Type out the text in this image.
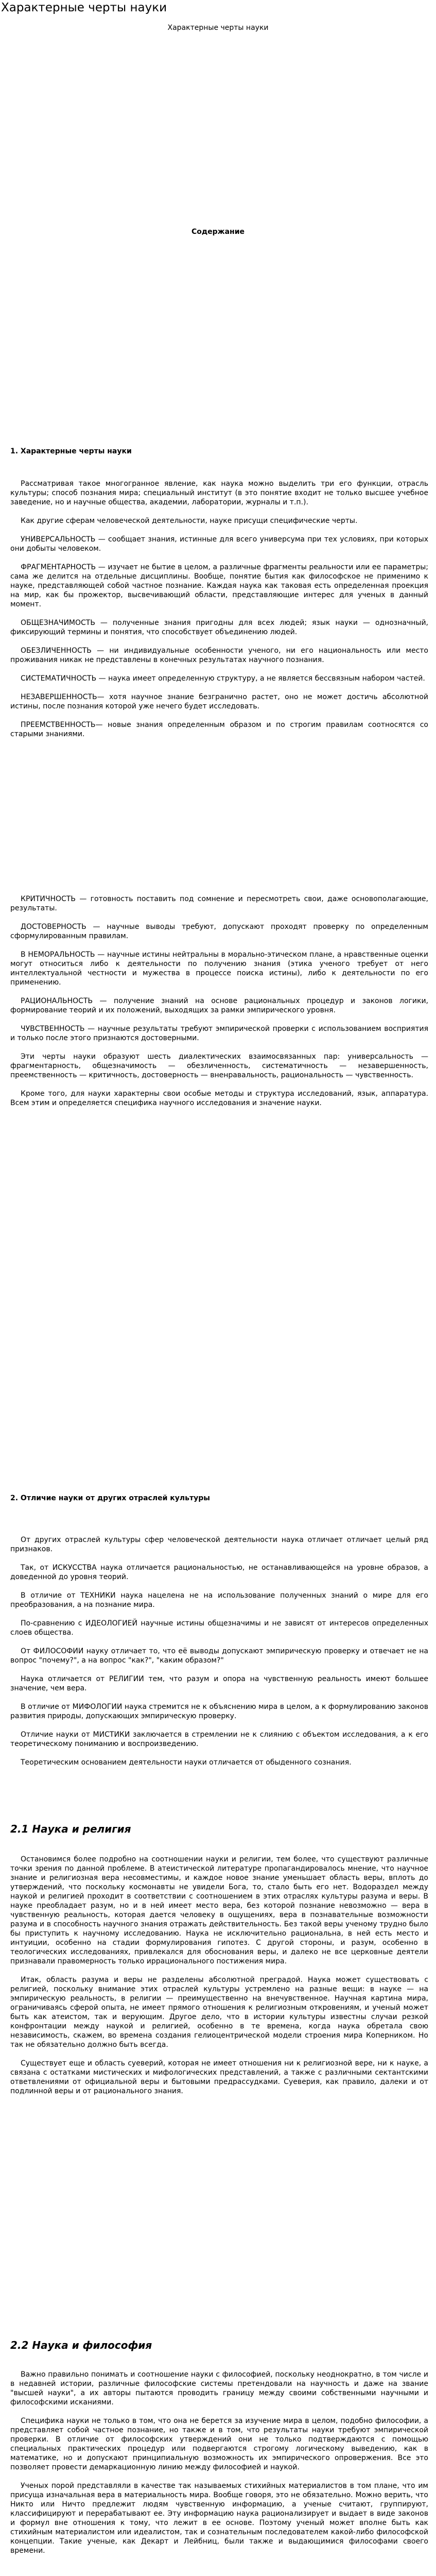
Характерные черты науки
Характерные черты науки
Содержание
1. Характерные черты науки

Рассматривая такое многогранное явление, как наука можно выделить три его функции, отрасль культуры; способ познания мира; специальный институт (в это понятие входит не только высшее учебное заведение, но и научные общества, академии, лаборатории, журналы и т.п.).

Как другие сферам человеческой деятельности, науке присущи специфические черты.

УНИВЕРСАЛЬНОСТЬ — сообщает знания, истинные для всего универсума при тех условиях, при которых они добыты человеком.

ФРАГМЕНТАРНОСТЬ — изучает не бытие в целом, а различные фрагменты реальности или ее параметры; сама же делится на отдельные дисциплины. Вообще, понятие бытия как философское не применимо к науке, представляющей собой частное познание. Каждая наука как таковая есть определенная проекция на мир, как бы прожектор, высвечивающий области, представляющие интерес для ученых в данный момент.

ОБЩЕЗНАЧИМОСТЬ — полученные знания пригодны для всех людей; язык науки — однозначный, фиксирующий термины и понятия, что способствует объединению людей.

ОБЕЗЛИЧЕННОСТЬ — ни индивидуальные особенности ученого, ни его национальность или место проживания никак не представлены в конечных результатах научного познания.

СИСТЕМАТИЧНОСТЬ — наука имеет определенную структуру, а не является бессвязным набором частей.

НЕЗАВЕРШЕННОСТЬ— хотя научное знание безгранично растет, оно не может достичь абсолютной истины, после познания которой уже нечего будет исследовать.

ПРЕЕМСТВЕННОСТЬ— новые знания определенным образом и по строгим правилам соотносятся со старыми знаниями.

КРИТИЧНОСТЬ — готовность поставить под сомнение и пересмотреть свои, даже основополагающие, результаты.

ДОСТОВЕРНОСТЬ — научные выводы требуют, допускают проходят проверку по определенным сформулированным правилам.

В НЕМОРАЛЬНОСТЬ — научные истины нейтральны в морально-этическом плане, а нравственные оценки могут относиться либо к деятельности по получению знания (этика ученого требует от него интеллектуальной честности и мужества в процессе поиска истины), либо к деятельности по его применению.

РАЦИОНАЛЬНОСТЬ — получение знаний на основе рациональных процедур и законов логики, формирование теорий и их положений, выходящих за рамки эмпирического уровня.

ЧУВСТВЕННОСТЬ — научные результаты требуют эмпирической проверки с использованием восприятия и только после этого признаются достоверными.

Эти черты науки образуют шесть диалектических взаимосвязанных пар: универсальность — фрагментарность, общезначимость — обезличенность, систематичность — незавершенность, преемственность — критичность, достоверность — вненравальность, рациональность — чувственность.

Кроме того, для науки характерны свои особые методы и структура исследований, язык, аппаратура. Всем этим и определяется специфика научного исследования и значение науки.

2. Отличие науки от других отраслей культуры

От других отраслей культуры сфер человеческой деятельности наука отличает отличает целый ряд признаков.

Так, от ИСКУССТВА наука отличается рациональностью, не останавливающейся на уровне образов, а доведенной до уровня теорий.

В отличие от ТЕХНИКИ наука нацелена не на использование полученных знаний о мире для его преобразования, а на познание мира.

По-сравнению с ИДЕОЛОГИЕЙ научные истины общезначимы и не зависят от интересов определенных слоев общества.

От ФИЛОСОФИИ науку отличает то, что её выводы допускают эмпирическую проверку и отвечает не на вопрос "почему?", а на вопрос "как?", "каким образом?"

Наука отличается от РЕЛИГИИ тем, что разум и опора на чувственную реальность имеют большее значение, чем вера.

В отличие от МИФОЛОГИИ наука стремится не к объяснению мира в целом, а к формулированию законов развития природы, допускающих эмпирическую проверку.

Отличие науки от МИСТИКИ заключается в стремлении не к слиянию с объектом исследования, а к его теоретическому пониманию и воспроизведению.

Теоретическим основанием деятельности науки отличается от обыденного сознания.

2.1 Наука и религия

Остановимся более подробно на соотношении науки и религии, тем более, что существуют различные точки зрения по данной проблеме. В атеистической литературе пропагандировалось мнение, что научное знание и религиозная вера несовместимы, и каждое новое знание уменьшает область веры, вплоть до утверждений, что поскольку космонавты не увидели Бога, то, стало быть его нет. Водораздел между наукой и религией проходит в соответствии с соотношением в этих отраслях культуры разума и веры. В науке преобладает разум, но и в ней имеет место вера, без которой познание невозможно — вера в чувственную реальность, которая дается человеку в ощущениях, вера в познавательные возможности разума и в способность научного знания отражать действительность. Без такой веры ученому трудно было бы приступить к научному исследованию. Наука не исключительно рациональна, в ней есть место и интуиции, особенно на стадии формулирования гипотез. С другой стороны, и разум, особенно в теологических исследованиях, привлекался для обоснования веры, и далеко не все церковные деятели признавали правомерность только иррационального постижения мира.

Итак, область разума и веры не разделены абсолютной преградой. Наука может существовать с религией, поскольку внимание этих отраслей культуры устремлено на разные вещи: в науке — на эмпирическую реальность, в религии — преимущественно на внечувственное. Научная картина мира, ограничиваясь сферой опыта, не имеет прямого отношения к религиозным откровениям, и ученый может быть как атеистом, так и верующим. Другое дело, что в истории культуры известны случаи резкой конфронтации между наукой и религией, особенно в те времена, когда наука обретала свою независимость, скажем, во времена создания гелиоцентрической модели строения мира Коперником. Но так не обязательно должно быть всегда.

Существует еще и область суеверий, которая не имеет отношения ни к религиозной вере, ни к науке, а связана с остатками мистических и мифологических представлений, а также с различными сектантскими ответвлениями от официальной веры и бытовыми предрассудками. Суеверия, как правило, далеки и от подлинной веры и от рационального знания.

2.2 Наука и философия

Важно правильно понимать и соотношение науки с философией, поскольку неоднократно, в том числе и в недавней истории, различные философские системы претендовали на научность и даже на звание "высшей науки", а их авторы пытаются проводить границу между своими собственными научными и философскими исканиями.

Специфика науки не только в том, что она не берется за изучение мира в целом, подобно философии, а представляет собой частное познание, но также и в том, что результаты науки требуют эмпирической проверки. В отличие от философских утверждений они не только подтверждаются с помощью специальных практических процедур или подвергаются строгому логическому выведению, как в математике, но и допускают принципиальную возможность их эмпирического опровержения. Все это позволяет провести демаркационную линию между философией и наукой.

Ученых порой представляли в качестве так называемых стихийных материалистов в том плане, что им присуща изначальная вера в материальность мира. Вообще говоря, это не обязательно. Можно верить, что Никто или Ничто предлежит людям чувственную информацию, а ученые считают, группируют, классифицируют и перерабатывают ее. Эту информацию наука рационализирует и выдает в виде законов и формул вне отношения к тому, что лежит в ее основе. Поэтому ученый может вполне быть как стихийным материалистом или идеалистом, так и сознательным последователем какой-либо философской концепции. Такие ученые, как Декарт и Лейбниц, были также и выдающимися философами своего времени.
